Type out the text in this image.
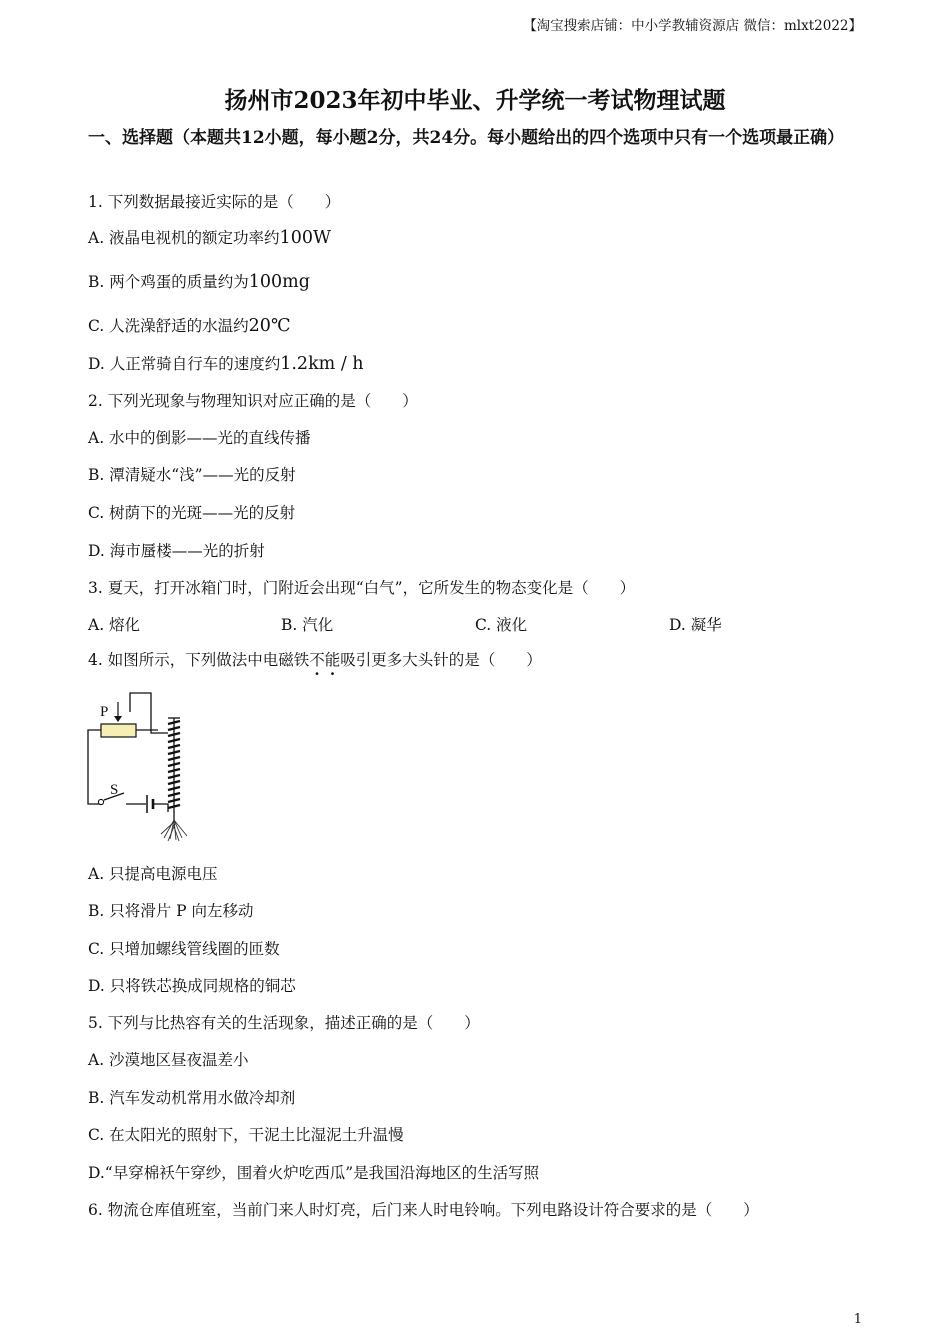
【淘宝搜索店铺：中小学教辅资源店 微信：mlxt2022】
扬州市2023年初中毕业、升学统一考试物理试题
一、选择题（本题共12小题，每小题2分，共24分。每小题给出的四个选项中只有一个选项最正确）
1. 下列数据最接近实际的是（　　）
A. 液晶电视机的额定功率约100W
B. 两个鸡蛋的质量约为100mg
C. 人洗澡舒适的水温约20℃
D. 人正常骑自行车的速度约1.2km / h
2. 下列光现象与物理知识对应正确的是（　　）
A. 水中的倒影——光的直线传播
B. 潭清疑水“浅”——光的反射
C. 树荫下的光斑——光的反射
D. 海市蜃楼——光的折射
3. 夏天，打开冰箱门时，门附近会出现“白气”，它所发生的物态变化是（　　）
A. 熔化	B. 汽化	C. 液化	D. 凝华
4. 如图所示，下列做法中电磁铁不能吸引更多大头针的是（　　）
P
S
A. 只提高电源电压
B. 只将滑片 P 向左移动
C. 只增加螺线管线圈的匝数
D. 只将铁芯换成同规格的铜芯
5. 下列与比热容有关的生活现象，描述正确的是（　　）
A. 沙漠地区昼夜温差小
B. 汽车发动机常用水做冷却剂
C. 在太阳光的照射下，干泥土比湿泥土升温慢
D.“早穿棉袄午穿纱，围着火炉吃西瓜”是我国沿海地区的生活写照
6. 物流仓库值班室，当前门来人时灯亮，后门来人时电铃响。下列电路设计符合要求的是（　　）
1
